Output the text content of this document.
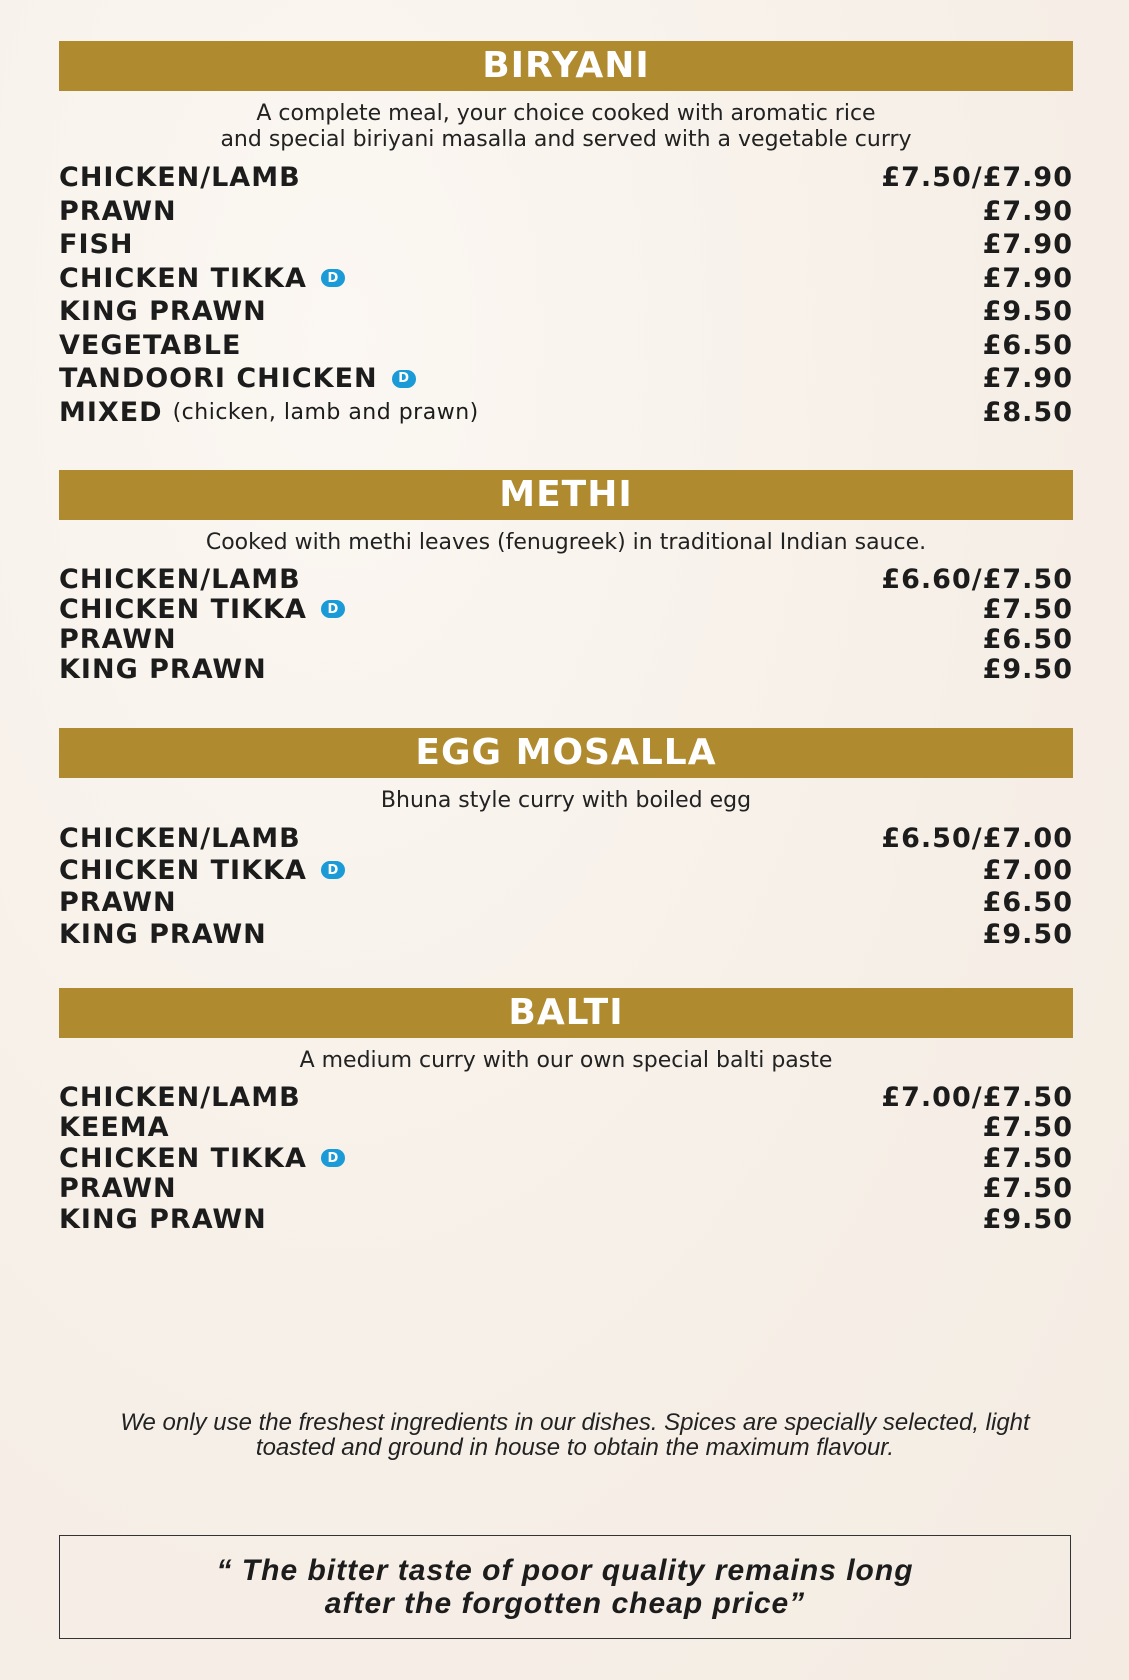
BIRYANI
A complete meal, your choice cooked with aromatic rice
and special biriyani masalla and served with a vegetable curry
CHICKEN/LAMB	£7.50/£7.90
PRAWN	£7.90
FISH	£7.90
CHICKEN TIKKA	D	£7.90
KING PRAWN	£9.50
VEGETABLE	£6.50
TANDOORI CHICKEN	D	£7.90
MIXED (chicken, lamb and prawn)	£8.50
METHI
Cooked with methi leaves (fenugreek) in traditional Indian sauce.
CHICKEN/LAMB	£6.60/£7.50
CHICKEN TIKKA	D	£7.50
PRAWN	£6.50
KING PRAWN	£9.50
EGG MOSALLA
Bhuna style curry with boiled egg
CHICKEN/LAMB	£6.50/£7.00
CHICKEN TIKKA	D	£7.00
PRAWN	£6.50
KING PRAWN	£9.50
BALTI
A medium curry with our own special balti paste
CHICKEN/LAMB	£7.00/£7.50
KEEMA	£7.50
CHICKEN TIKKA	D	£7.50
PRAWN	£7.50
KING PRAWN	£9.50
We only use the freshest ingredients in our dishes. Spices are specially selected, light toasted and ground in house to obtain the maximum flavour.
“ The bitter taste of poor quality remains long
after the forgotten cheap price”
